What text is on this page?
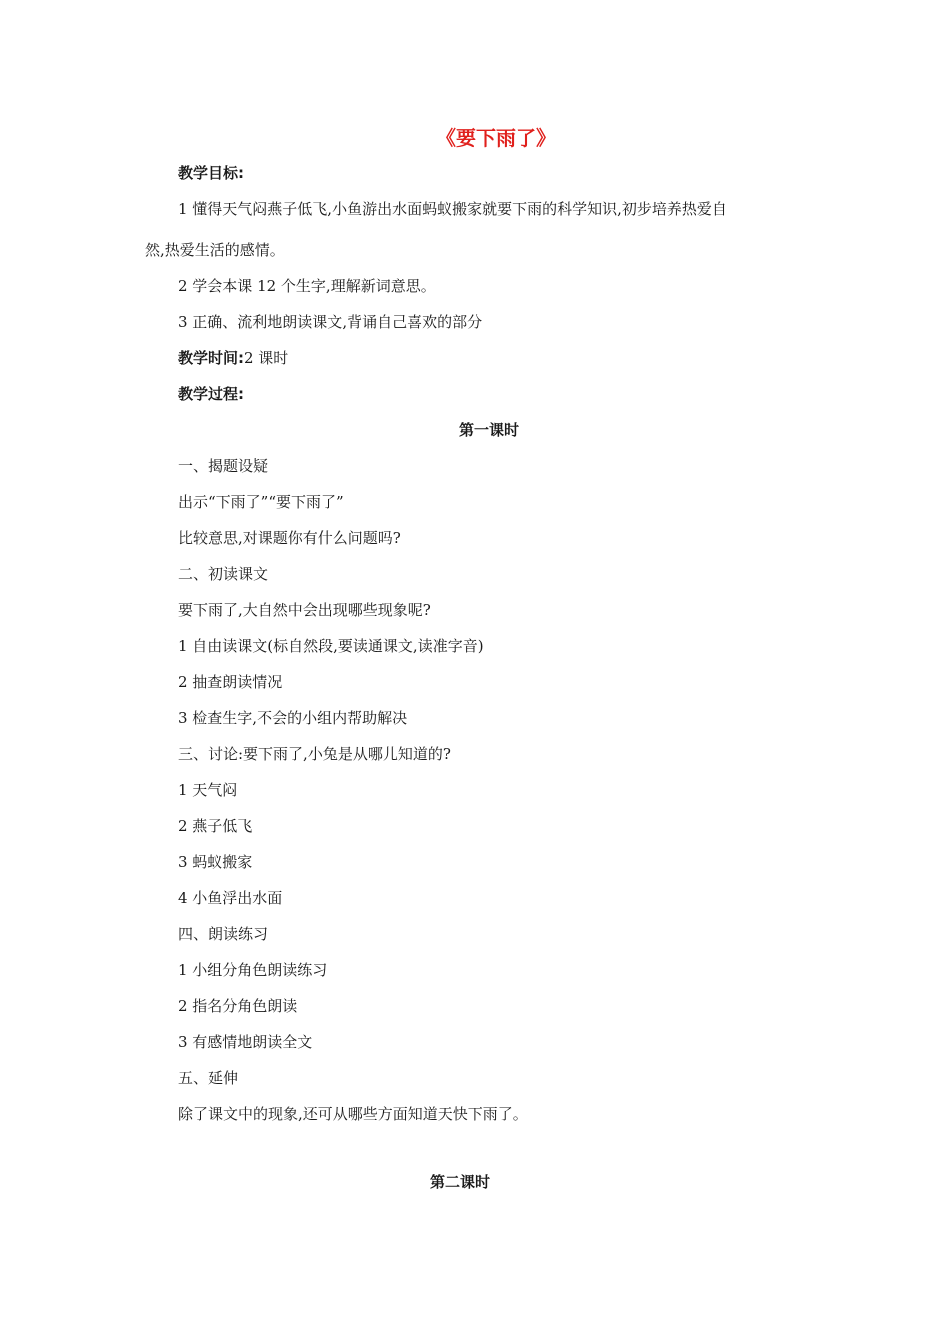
《要下雨了》
教学目标:
1 懂得天气闷燕子低飞,小鱼游出水面蚂蚁搬家就要下雨的科学知识,初步培养热爱自
然,热爱生活的感情。
2 学会本课 12 个生字,理解新词意思。
3 正确、流利地朗读课文,背诵自己喜欢的部分
教学时间:2 课时
教学过程:
第一课时
一、揭题设疑
出示“下雨了”“要下雨了”
比较意思,对课题你有什么问题吗?
二、初读课文
要下雨了,大自然中会出现哪些现象呢?
1 自由读课文(标自然段,要读通课文,读准字音)
2 抽查朗读情况
3 检查生字,不会的小组内帮助解决
三、讨论:要下雨了,小兔是从哪儿知道的?
1 天气闷
2 燕子低飞
3 蚂蚁搬家
4 小鱼浮出水面
四、朗读练习
1 小组分角色朗读练习
2 指名分角色朗读
3 有感情地朗读全文
五、延伸
除了课文中的现象,还可从哪些方面知道天快下雨了。
第二课时
